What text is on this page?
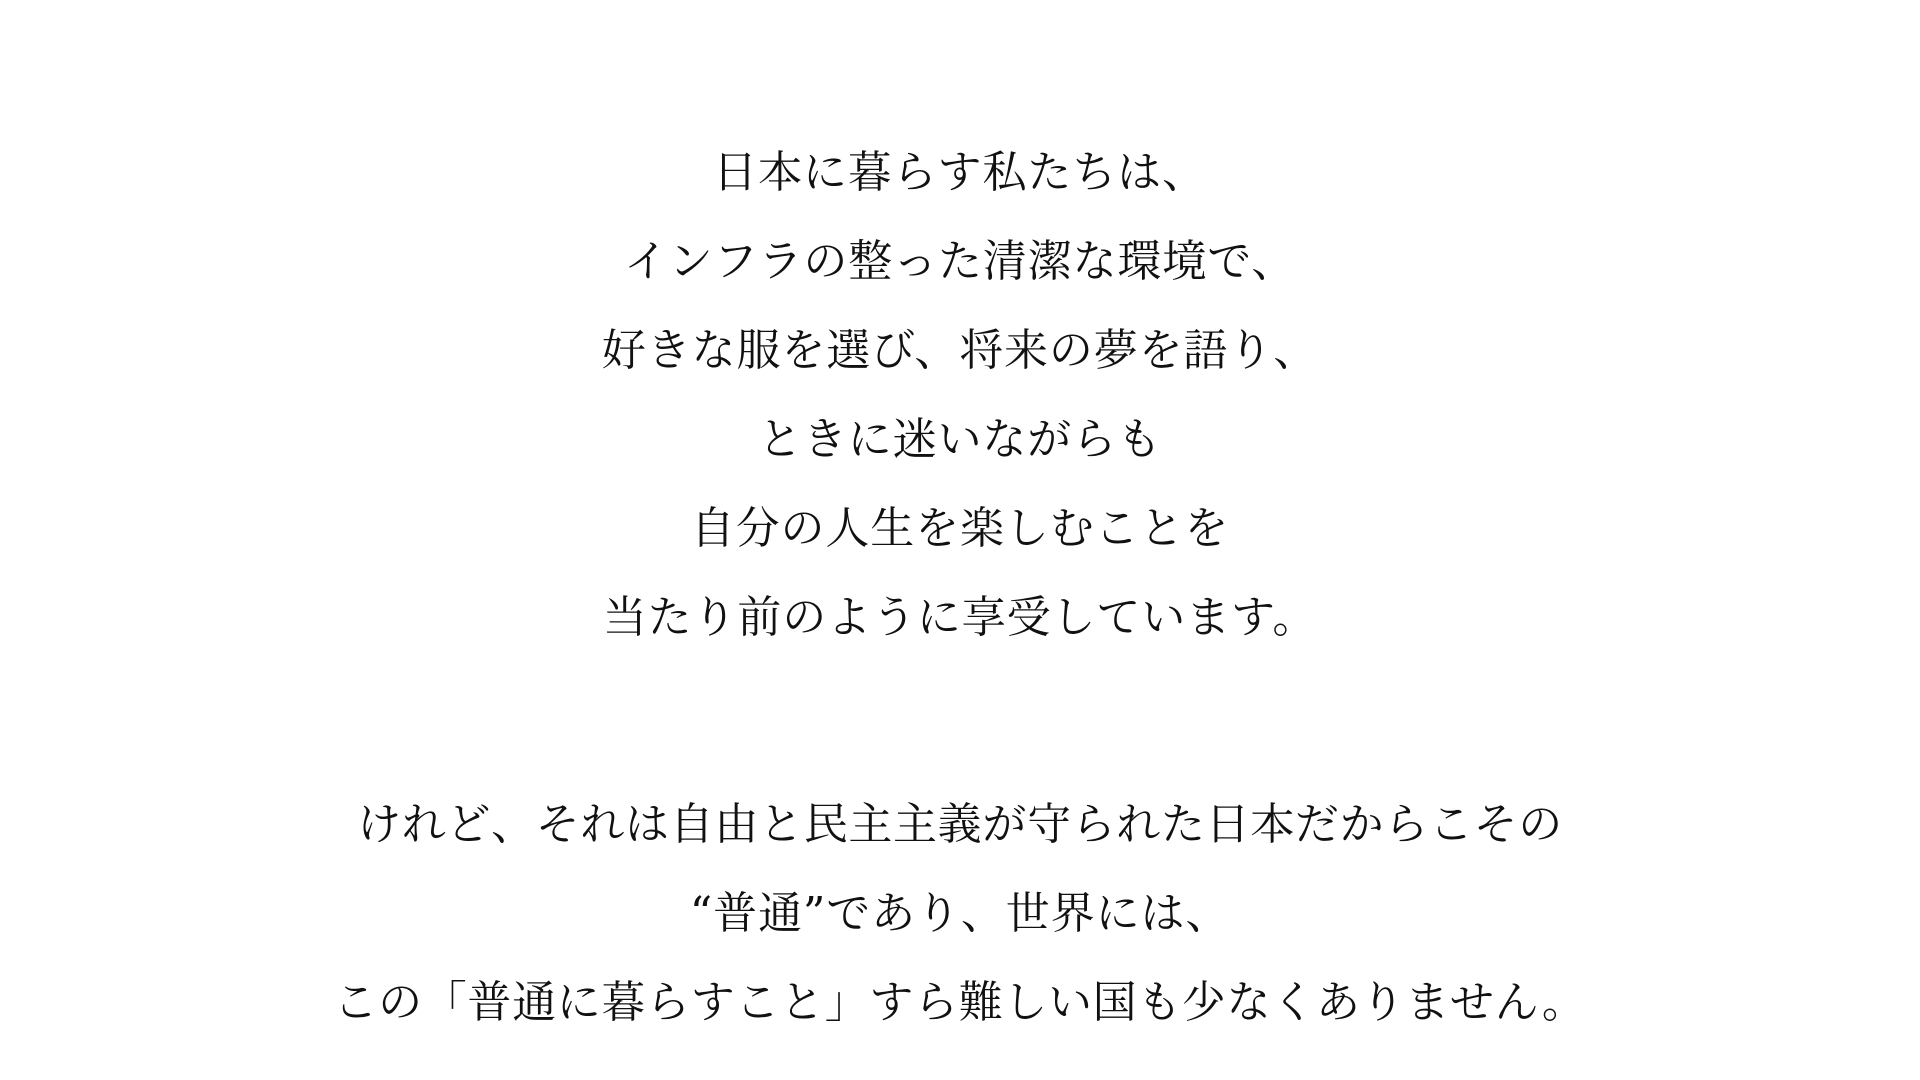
日本に暮らす私たちは、
インフラの整った清潔な環境で、
好きな服を選び、将来の夢を語り、
ときに迷いながらも
自分の人生を楽しむことを
当たり前のように享受しています。
けれど、それは自由と民主主義が守られた日本だからこその
“普通”であり、世界には、
この「普通に暮らすこと」すら難しい国も少なくありません。
